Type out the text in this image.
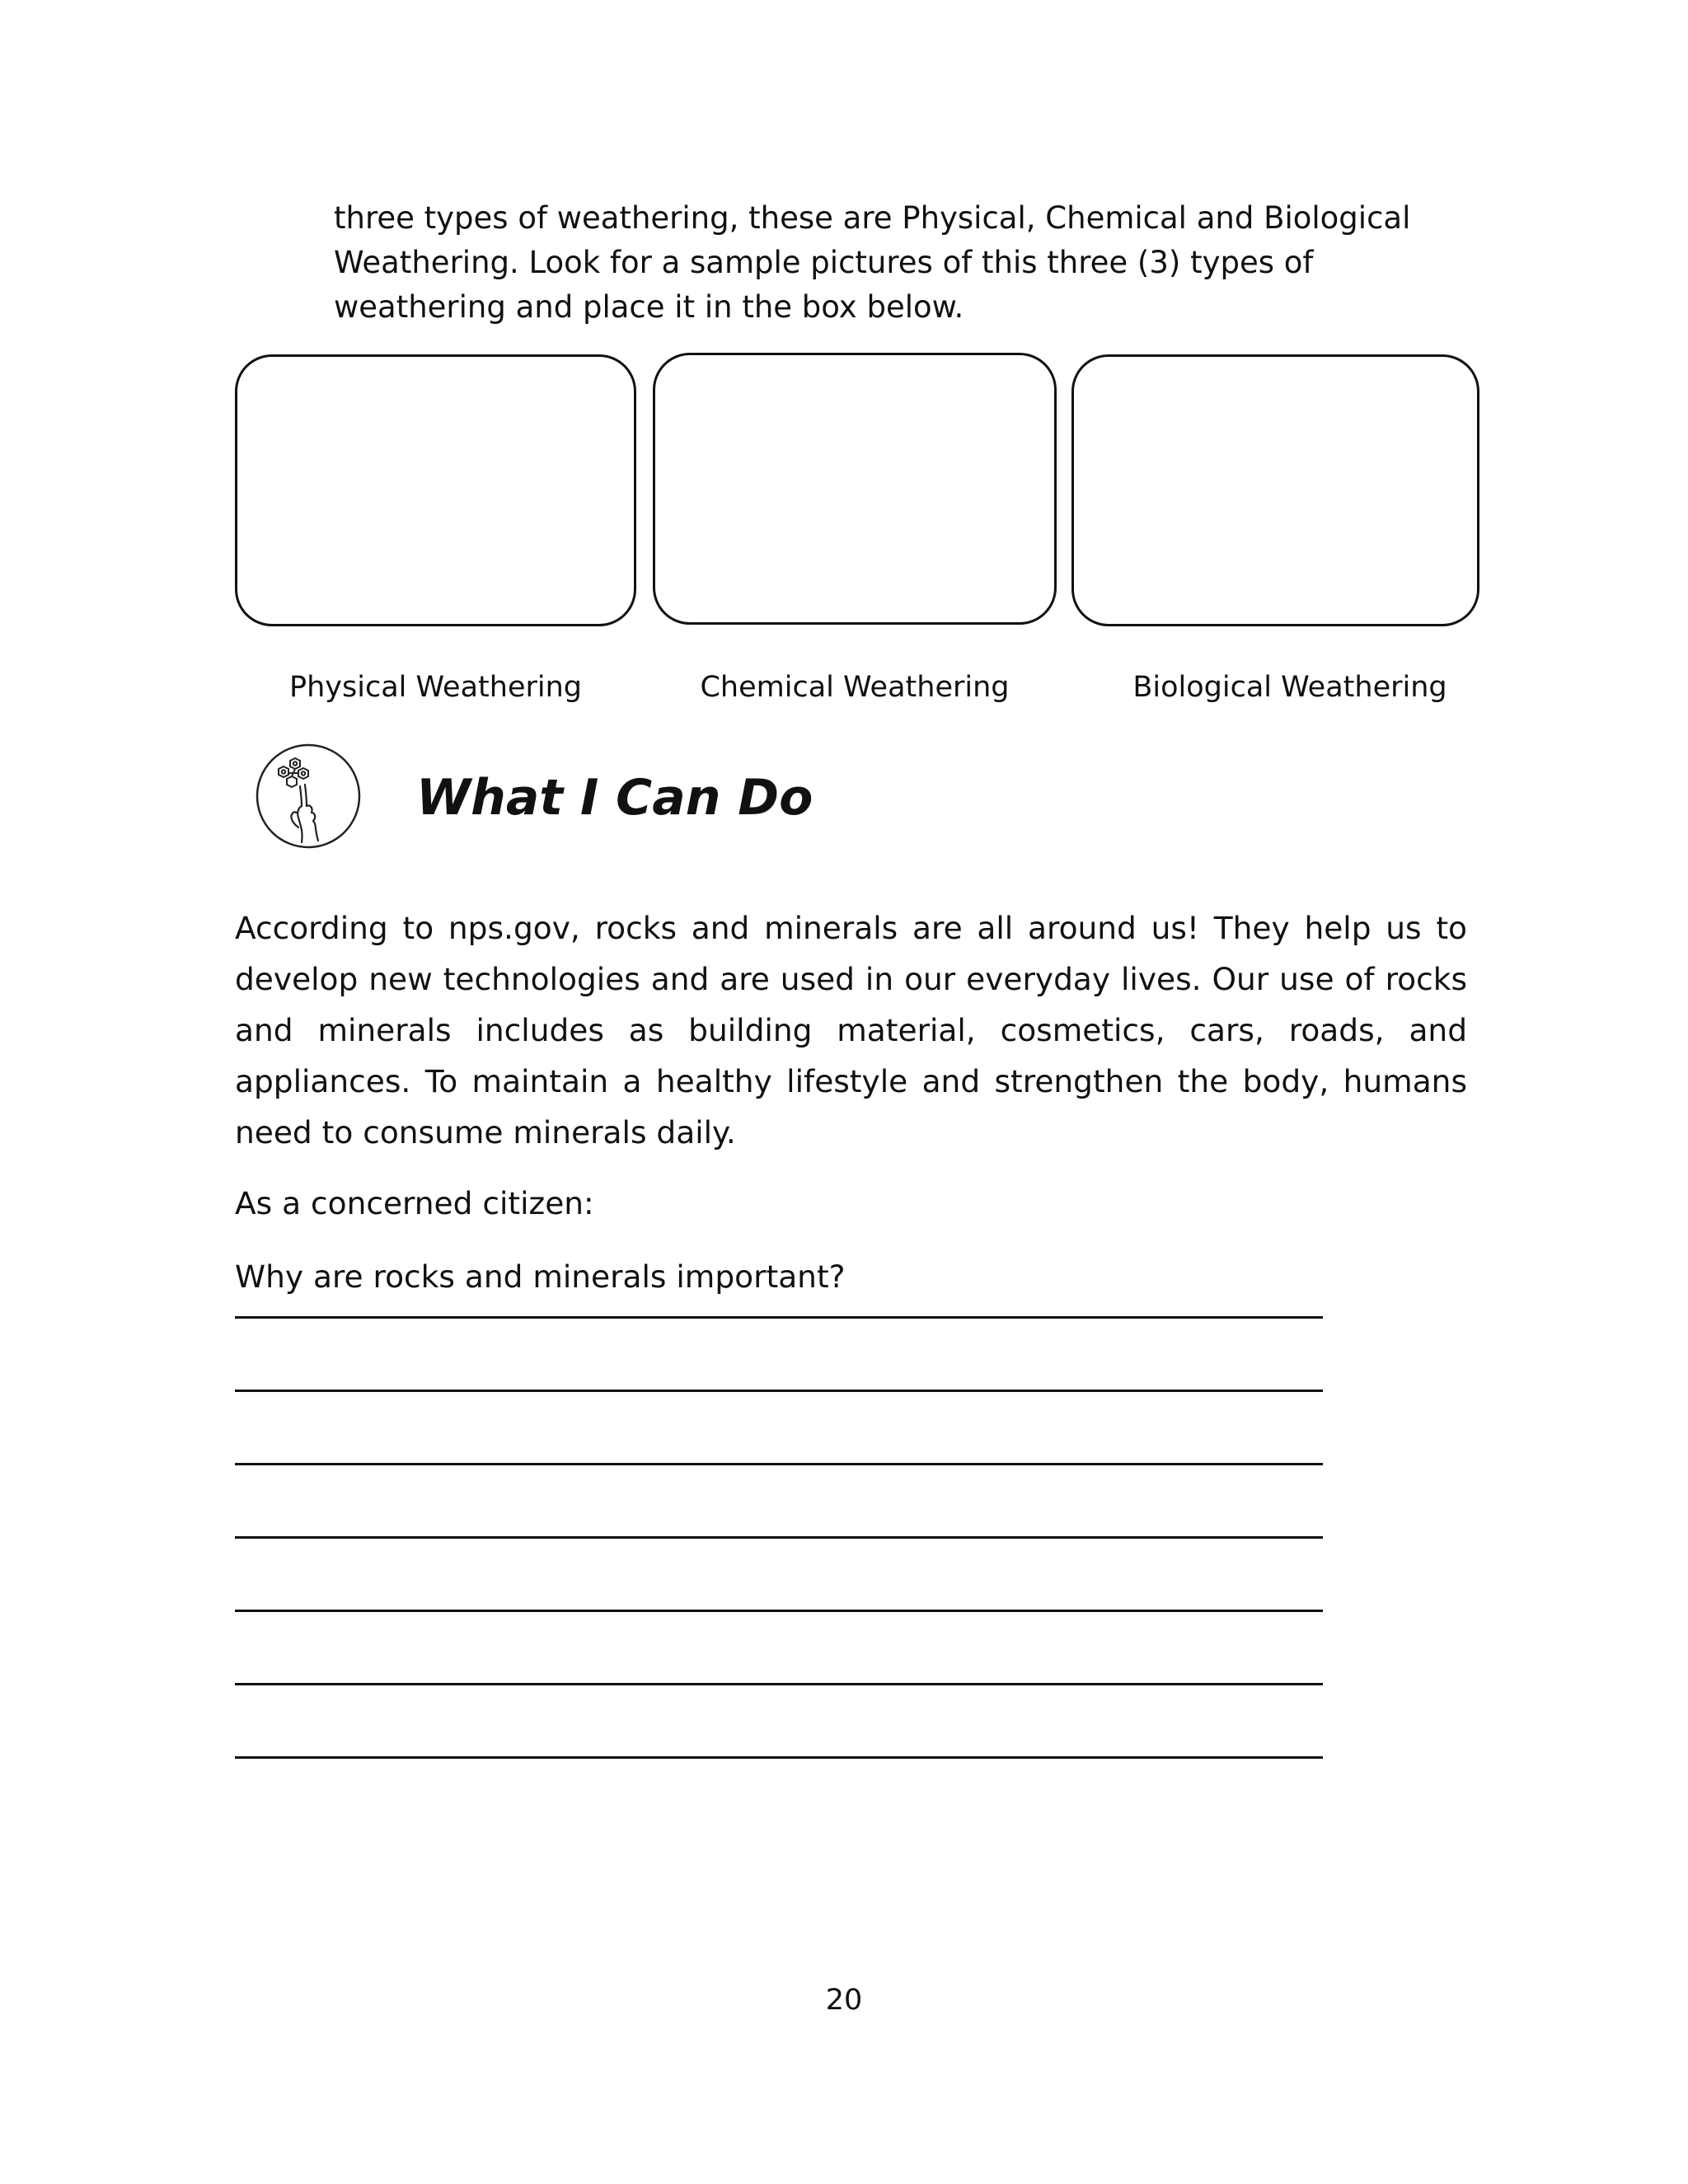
three types of weathering, these are Physical, Chemical and Biological Weathering. Look for a sample pictures of this three (3) types of weathering and place it in the box below.

Physical Weathering	Chemical Weathering	Biological Weathering
What I Can Do

According to nps.gov, rocks and minerals are all around us! They help us to develop new technologies and are used in our everyday lives. Our use of rocks and minerals includes as building material, cosmetics, cars, roads, and appliances. To maintain a healthy lifestyle and strengthen the body, humans need to consume minerals daily.

As a concerned citizen:

Why are rocks and minerals important?

20
